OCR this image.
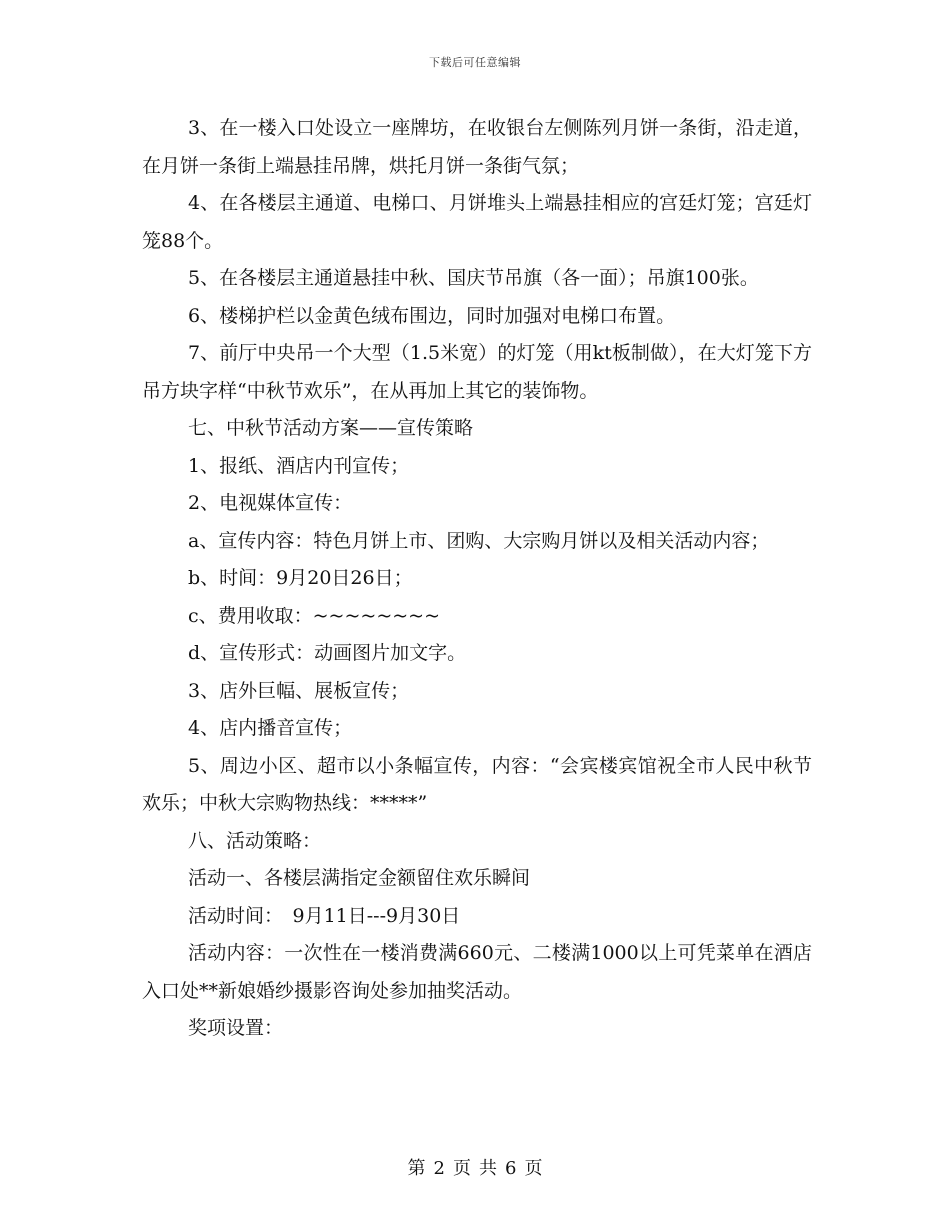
下载后可任意编辑

3、在一楼入口处设立一座牌坊，在收银台左侧陈列月饼一条街，沿走道，在月饼一条街上端悬挂吊牌，烘托月饼一条街气氛；

4、在各楼层主通道、电梯口、月饼堆头上端悬挂相应的宫廷灯笼；宫廷灯笼88个。

5、在各楼层主通道悬挂中秋、国庆节吊旗（各一面）；吊旗100张。

6、楼梯护栏以金黄色绒布围边，同时加强对电梯口布置。

7、前厅中央吊一个大型（1.5米宽）的灯笼（用kt板制做），在大灯笼下方吊方块字样“中秋节欢乐”，在从再加上其它的装饰物。

七、中秋节活动方案——宣传策略

1、报纸、酒店内刊宣传；

2、电视媒体宣传：

a、宣传内容：特色月饼上市、团购、大宗购月饼以及相关活动内容；

b、时间：9月20日26日；

c、费用收取：~~~~~~~~

d、宣传形式：动画图片加文字。

3、店外巨幅、展板宣传；

4、店内播音宣传；

5、周边小区、超市以小条幅宣传，内容：“会宾楼宾馆祝全市人民中秋节欢乐；中秋大宗购物热线：*****”

八、活动策略：

活动一、各楼层满指定金额留住欢乐瞬间

活动时间：　9月11日---9月30日

活动内容：一次性在一楼消费满660元、二楼满1000以上可凭菜单在酒店入口处**新娘婚纱摄影咨询处参加抽奖活动。

奖项设置：

第 2 页 共 6 页
